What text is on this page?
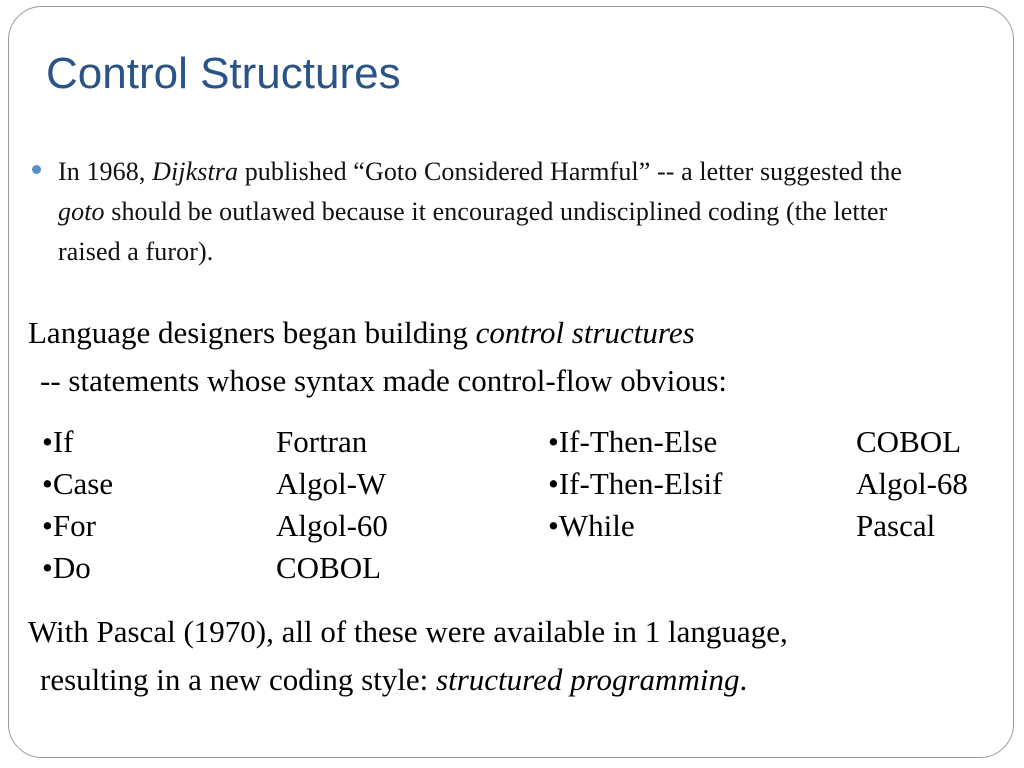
Control Structures
In 1968, Dijkstra published “Goto Considered Harmful” -- a letter suggested the goto should be outlawed because it encouraged undisciplined coding (the letter raised a furor).
Language designers began building control structures
-- statements whose syntax made control-flow obvious:
•If	Fortran	•If-Then-Else	COBOL
•Case	Algol-W	•If-Then-Elsif	Algol-68
•For	Algol-60	•While	Pascal
•Do	COBOL
With Pascal (1970), all of these were available in 1 language,
resulting in a new coding style: structured programming.
